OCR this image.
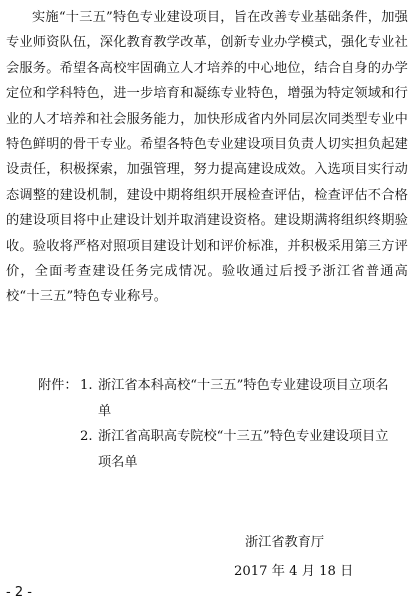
实施“十三五”特色专业建设项目，旨在改善专业基础条件，加强专业师资队伍，深化教育教学改革，创新专业办学模式，强化专业社会服务。希望各高校牢固确立人才培养的中心地位，结合自身的办学定位和学科特色，进一步培育和凝练专业特色，增强为特定领域和行业的人才培养和社会服务能力，加快形成省内外同层次同类型专业中特色鲜明的骨干专业。希望各特色专业建设项目负责人切实担负起建设责任，积极探索，加强管理，努力提高建设成效。入选项目实行动态调整的建设机制，建设中期将组织开展检查评估，检查评估不合格的建设项目将中止建设计划并取消建设资格。建设期满将组织终期验收。验收将严格对照项目建设计划和评价标准，并积极采用第三方评价，全面考查建设任务完成情况。验收通过后授予浙江省普通高校“十三五”特色专业称号。

附件： 1. 浙江省本科高校“十三五”特色专业建设项目立项名单
2. 浙江省高职高专院校“十三五”特色专业建设项目立项名单
浙江省教育厅
2017 年 4 月 18 日
- 2 -
